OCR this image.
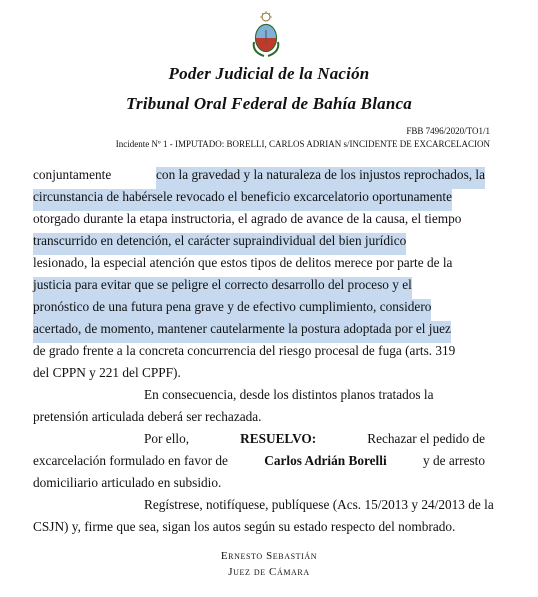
Poder Judicial de la Nación
Tribunal Oral Federal de Bahía Blanca
FBB 7496/2020/TO1/1
Incidente Nº 1 - IMPUTADO: BORELLI, CARLOS ADRIAN s/INCIDENTE DE EXCARCELACION
conjuntamente	con la gravedad y la naturaleza de los injustos reprochados, la
circunstancia de habérsele revocado el beneficio excarcelatorio oportunamente
otorgado durante la etapa instructoria, el agrado de avance de la causa, el tiempo
transcurrido en detención, el carácter supraindividual del bien jurídico
lesionado, la especial atención que estos tipos de delitos merece por parte de la
justicia para evitar que se peligre el correcto desarrollo del proceso y el
pronóstico de una futura pena grave y de efectivo cumplimiento, considero
acertado, de momento, mantener cautelarmente la postura adoptada por el juez
de grado frente a la concreta concurrencia del riesgo procesal de fuga (arts. 319
del CPPN y 221 del CPPF).
En consecuencia, desde los distintos planos tratados la
pretensión articulada deberá ser rechazada.
Por ello,	RESUELVO:	Rechazar el pedido de
excarcelación formulado en favor de	Carlos Adrián Borelli	y de arresto
domiciliario articulado en subsidio.
Regístrese, notifíquese, publíquese (Acs. 15/2013 y 24/2013 de la
CSJN) y, firme que sea, sigan los autos según su estado respecto del nombrado.
Ernesto Sebastián
Juez de Cámara
